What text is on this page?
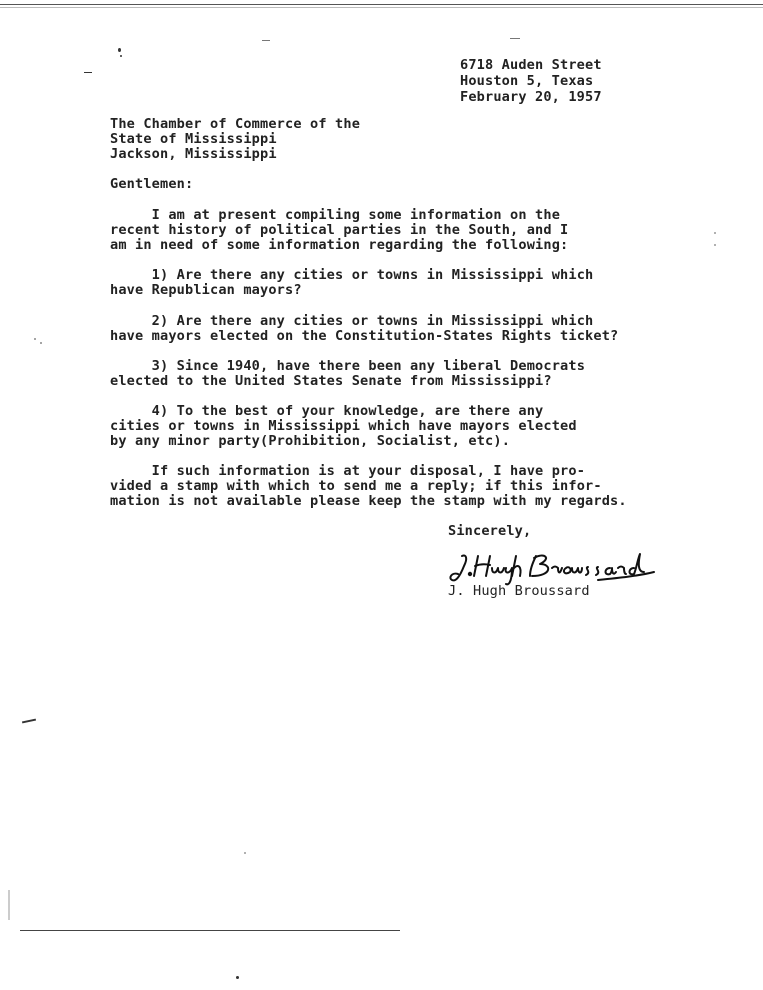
6718 Auden Street
Houston 5, Texas
February 20, 1957
The Chamber of Commerce of the
State of Mississippi
Jackson, Mississippi
Gentlemen:
I am at present compiling some information on the
recent history of political parties in the South, and I
am in need of some information regarding the following:
1) Are there any cities or towns in Mississippi which
have Republican mayors?
2) Are there any cities or towns in Mississippi which
have mayors elected on the Constitution-States Rights ticket?
3) Since 1940, have there been any liberal Democrats
elected to the United States Senate from Mississippi?
4) To the best of your knowledge, are there any
cities or towns in Mississippi which have mayors elected
by any minor party(Prohibition, Socialist, etc).
If such information is at your disposal, I have pro-
vided a stamp with which to send me a reply; if this infor-
mation is not available please keep the stamp with my regards.
Sincerely,
J. Hugh Broussard
